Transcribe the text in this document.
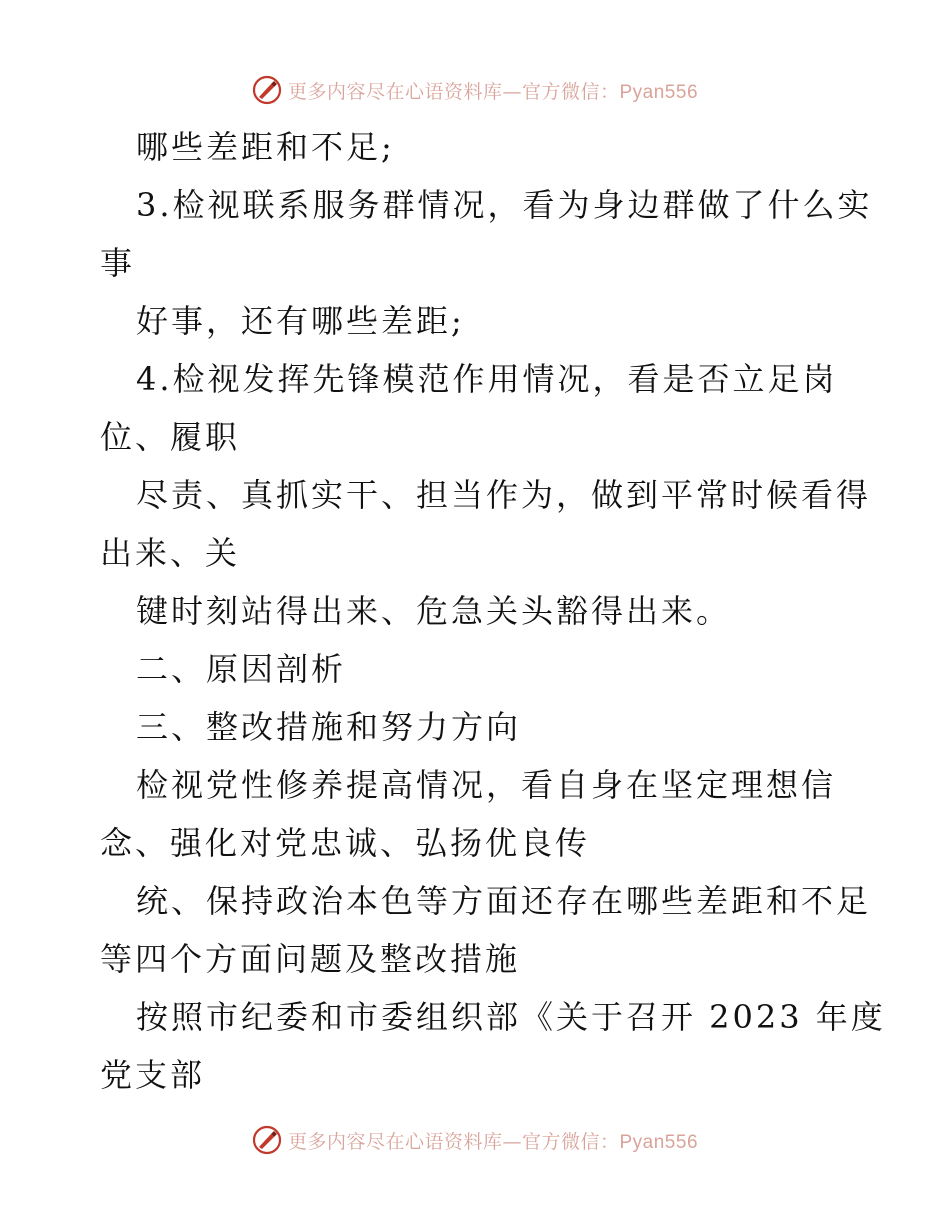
更多内容尽在心语资料库—官方微信：Pyan556
哪些差距和不足;
3.检视联系服务群情况，看为身边群做了什么实
事
好事，还有哪些差距;
4.检视发挥先锋模范作用情况，看是否立足岗
位、履职
尽责、真抓实干、担当作为，做到平常时候看得
出来、关
键时刻站得出来、危急关头豁得出来。
二、原因剖析
三、整改措施和努力方向
检视党性修养提高情况，看自身在坚定理想信
念、强化对党忠诚、弘扬优良传
统、保持政治本色等方面还存在哪些差距和不足
等四个方面问题及整改措施
按照市纪委和市委组织部《关于召开 2023 年度
党支部
更多内容尽在心语资料库—官方微信：Pyan556
